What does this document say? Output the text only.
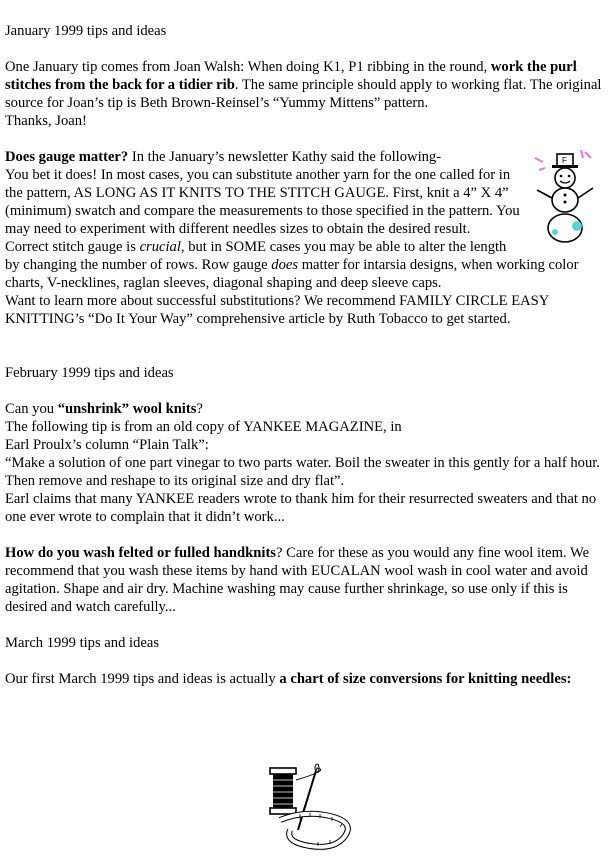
January 1999 tips and ideas

One January tip comes from Joan Walsh: When doing K1, P1 ribbing in the round, work the purl stitches from the back for a tidier rib. The same principle should apply to working flat. The original source for Joan’s tip is Beth Brown-Reinsel’s “Yummy Mittens” pattern.

Thanks, Joan!

F

Does gauge matter? In the January’s newsletter Kathy said the following-

You bet it does! In most cases, you can substitute another yarn for the one called for in the pattern, AS LONG AS IT KNITS TO THE STITCH GAUGE. First, knit a 4” X 4” (minimum) swatch and compare the measurements to those specified in the pattern. You may need to experiment with different needles sizes to obtain the desired result.

Correct stitch gauge is crucial, but in SOME cases you may be able to alter the length by changing the number of rows. Row gauge does matter for intarsia designs, when working color charts, V-necklines, raglan sleeves, diagonal shaping and deep sleeve caps.

Want to learn more about successful substitutions? We recommend FAMILY CIRCLE EASY KNITTING’s “Do It Your Way” comprehensive article by Ruth Tobacco to get started.

February 1999 tips and ideas

Can you “unshrink” wool knits?

The following tip is from an old copy of YANKEE MAGAZINE, in

Earl Proulx’s column “Plain Talk”:

“Make a solution of one part vinegar to two parts water. Boil the sweater in this gently for a half hour. Then remove and reshape to its original size and dry flat”.

Earl claims that many YANKEE readers wrote to thank him for their resurrected sweaters and that no one ever wrote to complain that it didn’t work...

How do you wash felted or fulled handknits? Care for these as you would any fine wool item. We recommend that you wash these items by hand with EUCALAN wool wash in cool water and avoid agitation. Shape and air dry. Machine washing may cause further shrinkage, so use only if this is desired and watch carefully...

March 1999 tips and ideas

Our first March 1999 tips and ideas is actually a chart of size conversions for knitting needles:
